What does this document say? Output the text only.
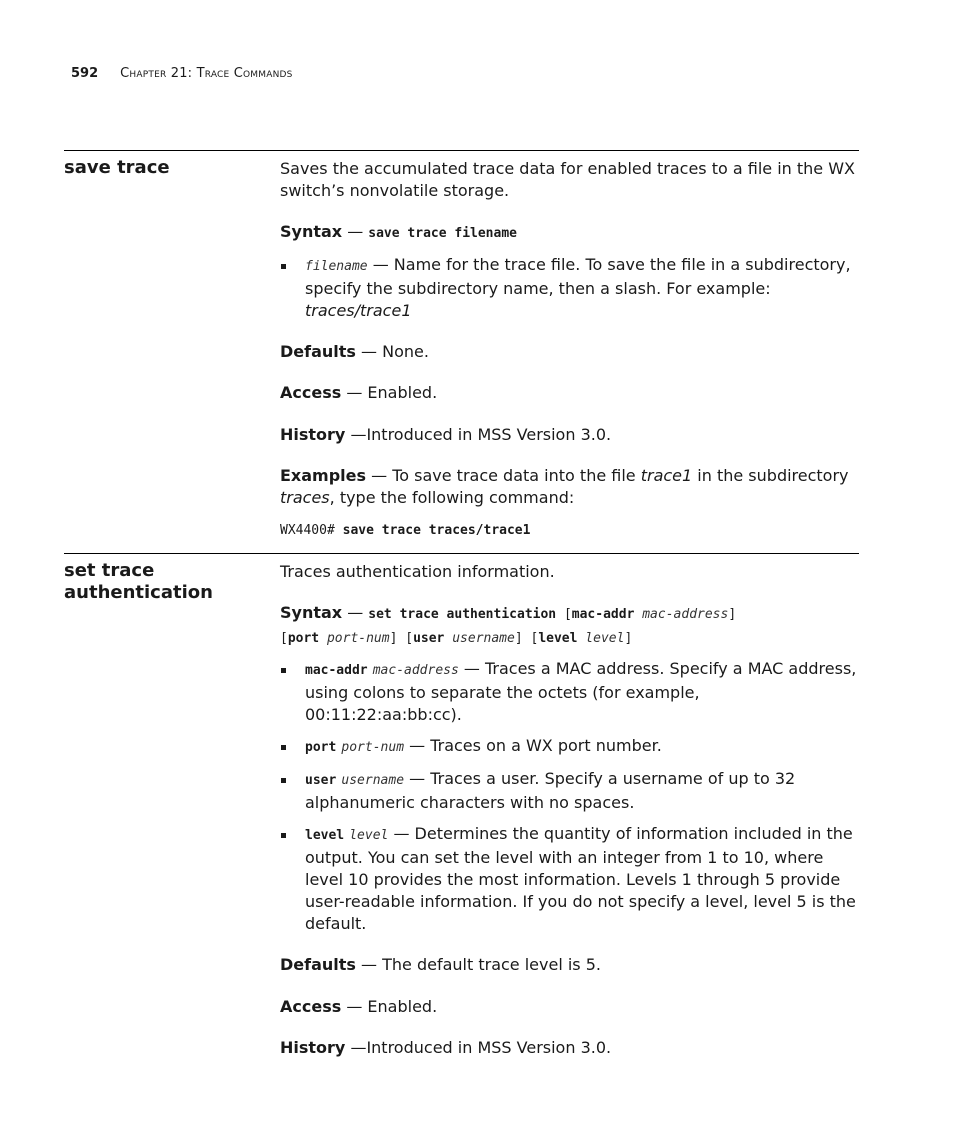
592 Chapter 21: Trace Commands
save trace	Saves the accumulated trace data for enabled traces to a file in the WX switch’s nonvolatile storage.

Syntax — save trace filename

filename — Name for the trace file. To save the file in a subdirectory, specify the subdirectory name, then a slash. For example: traces/trace1

Defaults — None.

Access — Enabled.

History —Introduced in MSS Version 3.0.

Examples — To save trace data into the file trace1 in the subdirectory traces, type the following command:

WX4400# save trace traces/trace1

set trace
authentication

Traces authentication information.

Syntax — set trace authentication [mac-addr mac-address]
[port port-num] [user username] [level level]

mac-addr mac-address — Traces a MAC address. Specify a MAC address, using colons to separate the octets (for example, 00:11:22:aa:bb:cc).
port port-num — Traces on a WX port number.
user username — Traces a user. Specify a username of up to 32 alphanumeric characters with no spaces.
level level — Determines the quantity of information included in the output. You can set the level with an integer from 1 to 10, where level 10 provides the most information. Levels 1 through 5 provide user-readable information. If you do not specify a level, level 5 is the default.

Defaults — The default trace level is 5.

Access — Enabled.

History —Introduced in MSS Version 3.0.
